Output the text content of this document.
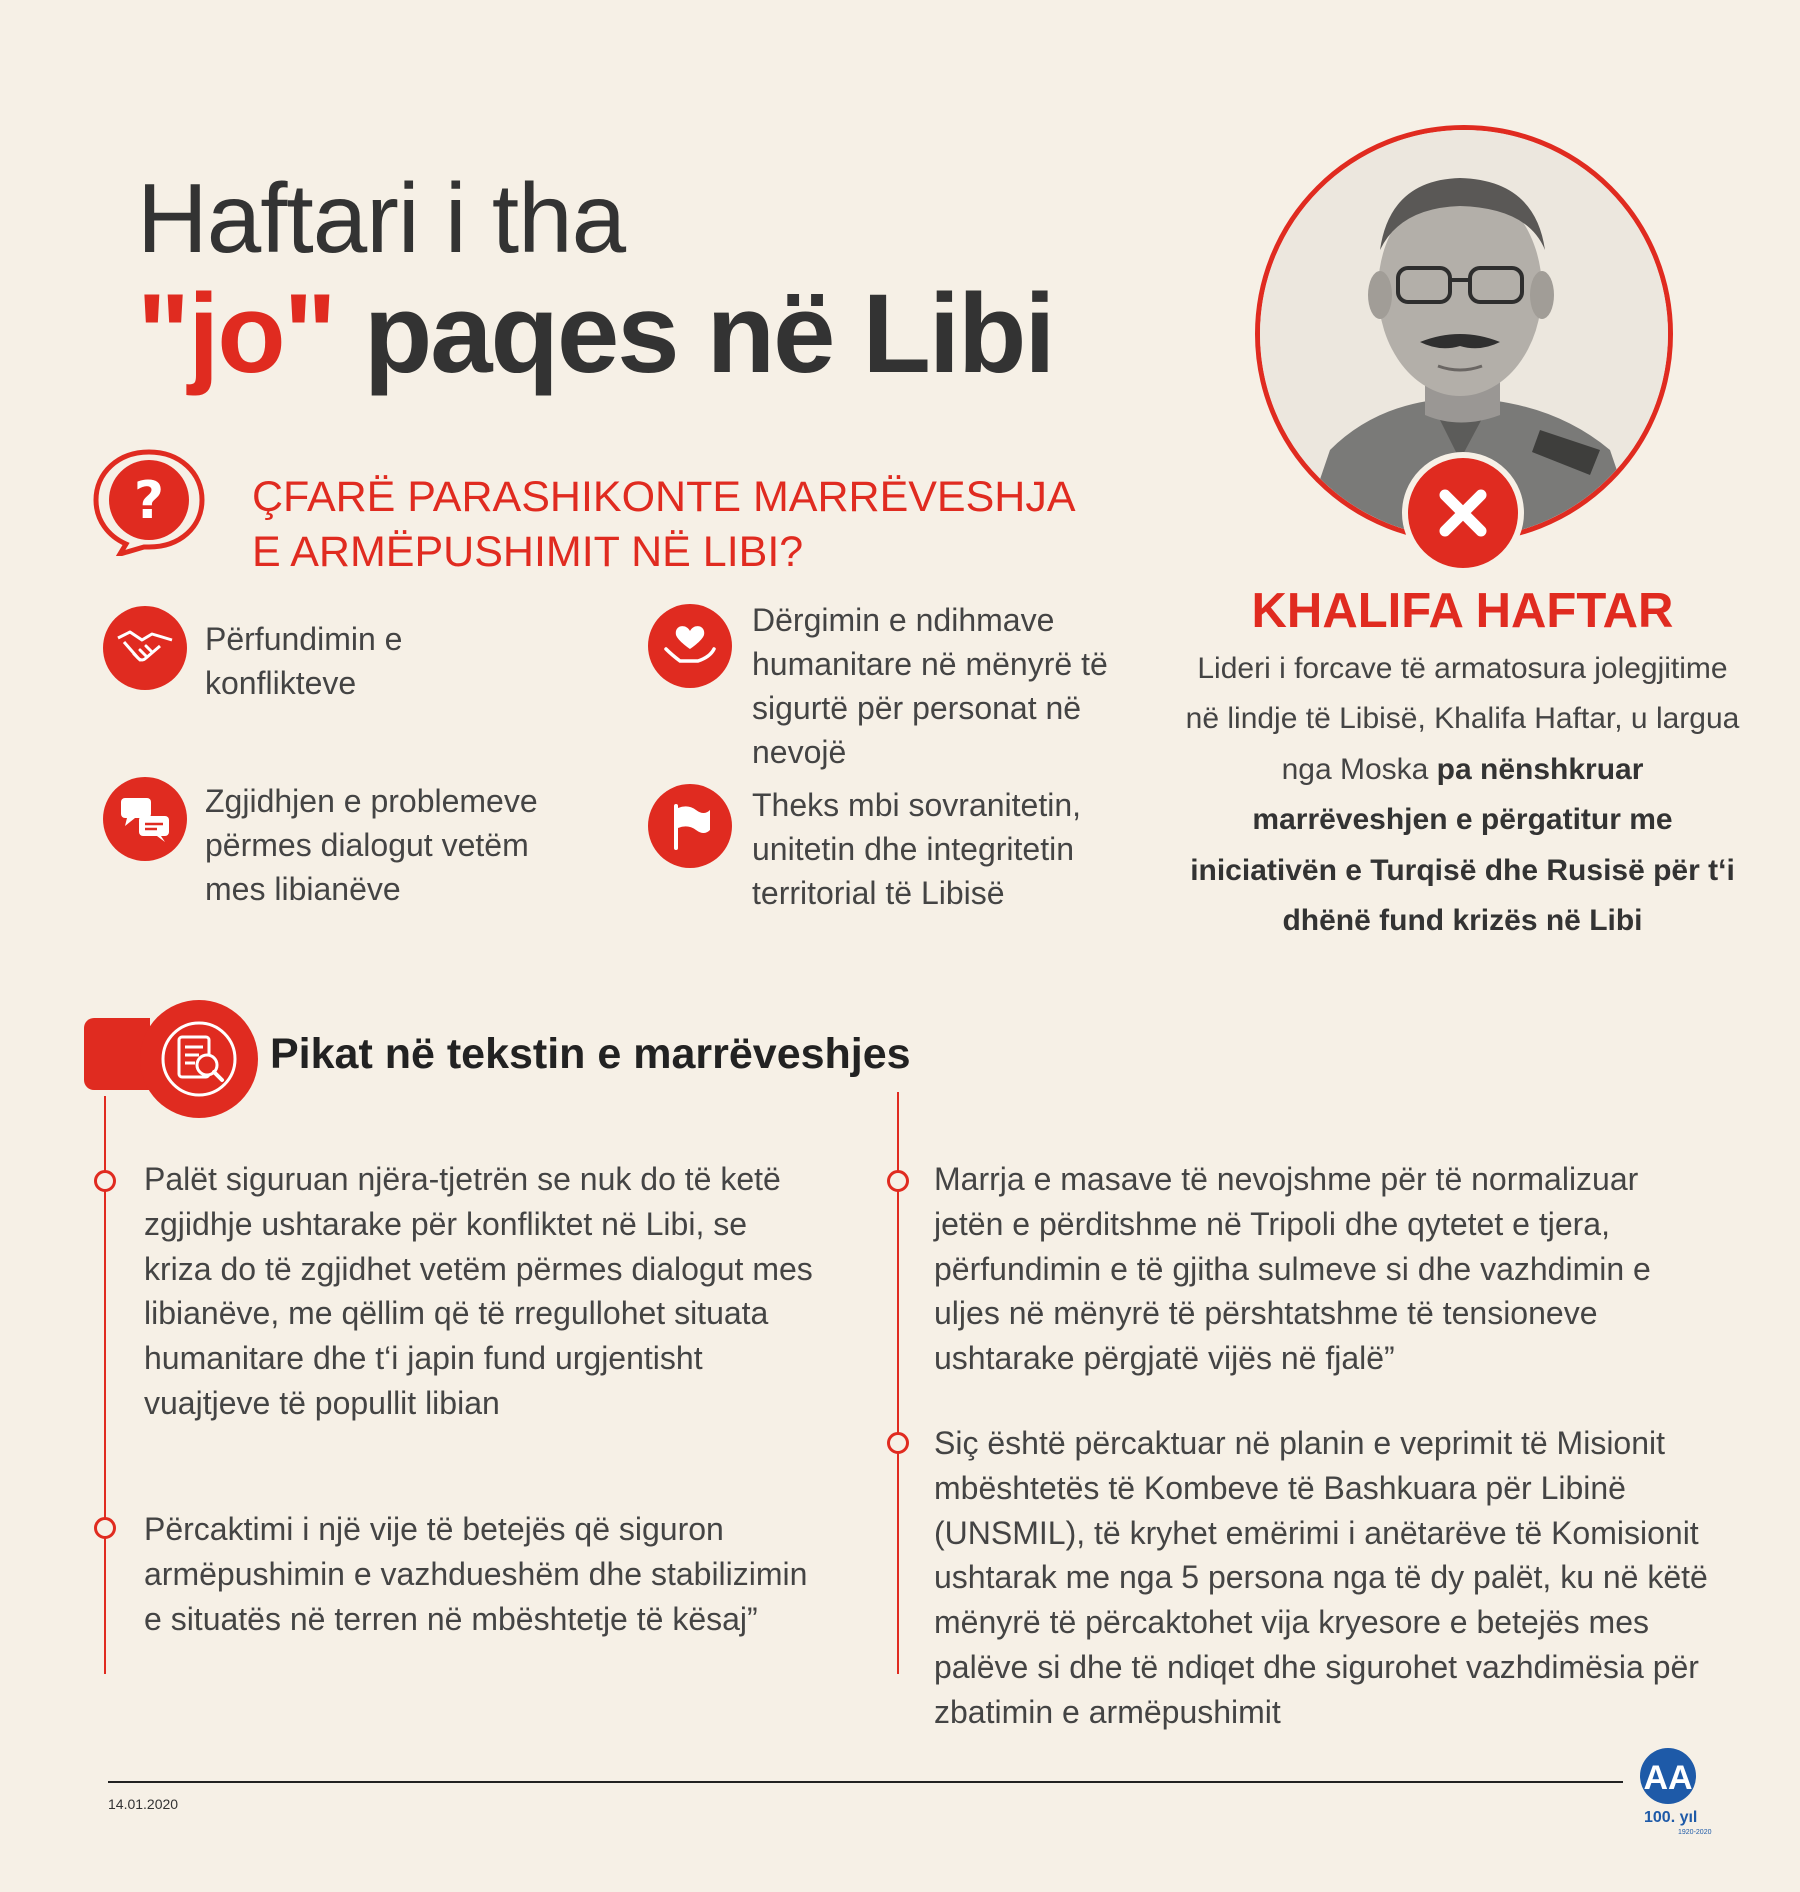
Haftari i tha
"jo" paqes në Libi
? ÇFARË PARASHIKONTE MARRËVESHJA E ARMËPUSHIMIT NË LIBI?
Përfundimin e konflikteve
Dërgimin e ndihmave humanitare në mënyrë të sigurtë për personat në nevojë
Zgjidhjen e problemeve përmes dialogut vetëm mes libianëve
Theks mbi sovranitetin, unitetin dhe integritetin territorial të Libisë
KHALIFA HAFTAR
Lideri i forcave të armatosura jolegjitime në lindje të Libisë, Khalifa Haftar, u largua nga Moska pa nënshkruar marrëveshjen e përgatitur me iniciativën e Turqisë dhe Rusisë për t‘i dhënë fund krizës në Libi
Pikat në tekstin e marrëveshjes
Palët siguruan njëra-tjetrën se nuk do të ketë zgjidhje ushtarake për konfliktet në Libi, se kriza do të zgjidhet vetëm përmes dialogut mes libianëve, me qëllim që të rregullohet situata humanitare dhe t‘i japin fund urgjentisht vuajtjeve të popullit libian
Përcaktimi i një vije të betejës që siguron armëpushimin e vazhdueshëm dhe stabilizimin e situatës në terren në mbështetje të kësaj”
Marrja e masave të nevojshme për të normalizuar jetën e përditshme në Tripoli dhe qytetet e tjera, përfundimin e të gjitha sulmeve si dhe vazhdimin e uljes në mënyrë të përshtatshme të tensioneve ushtarake përgjatë vijës në fjalë”
Siç është përcaktuar në planin e veprimit të Misionit mbështetës të Kombeve të Bashkuara për Libinë (UNSMIL), të kryhet emërimi i anëtarëve të Komisionit ushtarak me nga 5 persona nga të dy palët, ku në këtë mënyrë të përcaktohet vija kryesore e betejës mes palëve si dhe të ndiqet dhe sigurohet vazhdimësia për zbatimin e armëpushimit
14.01.2020
AA
100. yıl
1920-2020
